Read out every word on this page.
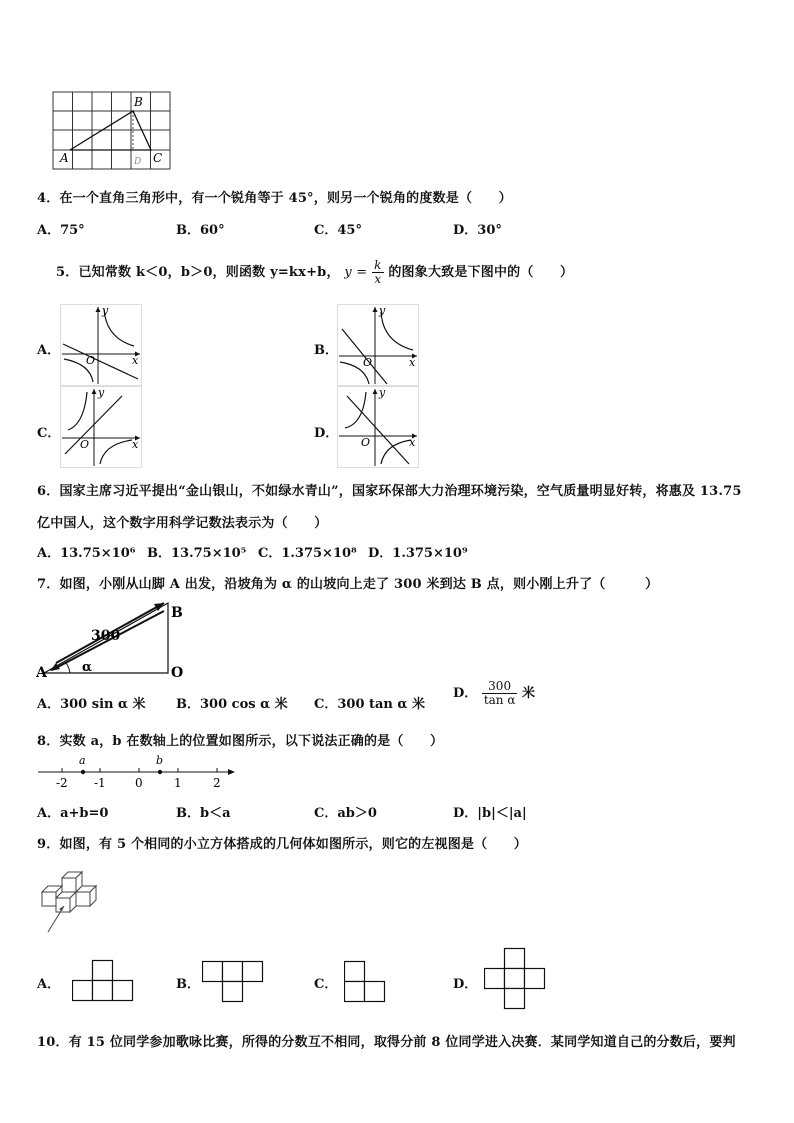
A
B
C
D
4．在一个直角三角形中，有一个锐角等于 45°，则另一个锐角的度数是（　　）
A．75°	B．60°	C．45°	D．30°
5．已知常数 k＜0，b＞0，则函数 y=kx+b， $y = \frac{k}{x}$ 的图象大致是下图中的（　　）
A．	B．
C．	D．
y
x
O
y
x
O
y
x
O
y
x
O
6．国家主席习近平提出“金山银山，不如绿水青山”，国家环保部大力治理环境污染，空气质量明显好转，将惠及 13.75
亿中国人，这个数字用科学记数法表示为（　　）
A．13.75×10⁶ B．13.75×10⁵ C．1.375×10⁸ D．1.375×10⁹
7．如图，小刚从山脚 A 出发，沿坡角为 α 的山坡向上走了 300 米到达 B 点，则小刚上升了（　　　）
A
B
O
300
α
A．300 sin α 米 B．300 cos α 米 C．300 tan α 米
D． $\frac{300}{\text{tan α}}$ 米
8．实数 a，b 在数轴上的位置如图所示，以下说法正确的是（　　）
a	b
-2 -1 0	1	2
A．a+b=0	B．b＜a	C．ab＞0	D．|b|＜|a|
9．如图，有 5 个相同的小立方体搭成的几何体如图所示，则它的左视图是（　　）
A．	B．	C．	D．
10．有 15 位同学参加歌咏比赛，所得的分数互不相同，取得分前 8 位同学进入决赛．某同学知道自己的分数后，要判
